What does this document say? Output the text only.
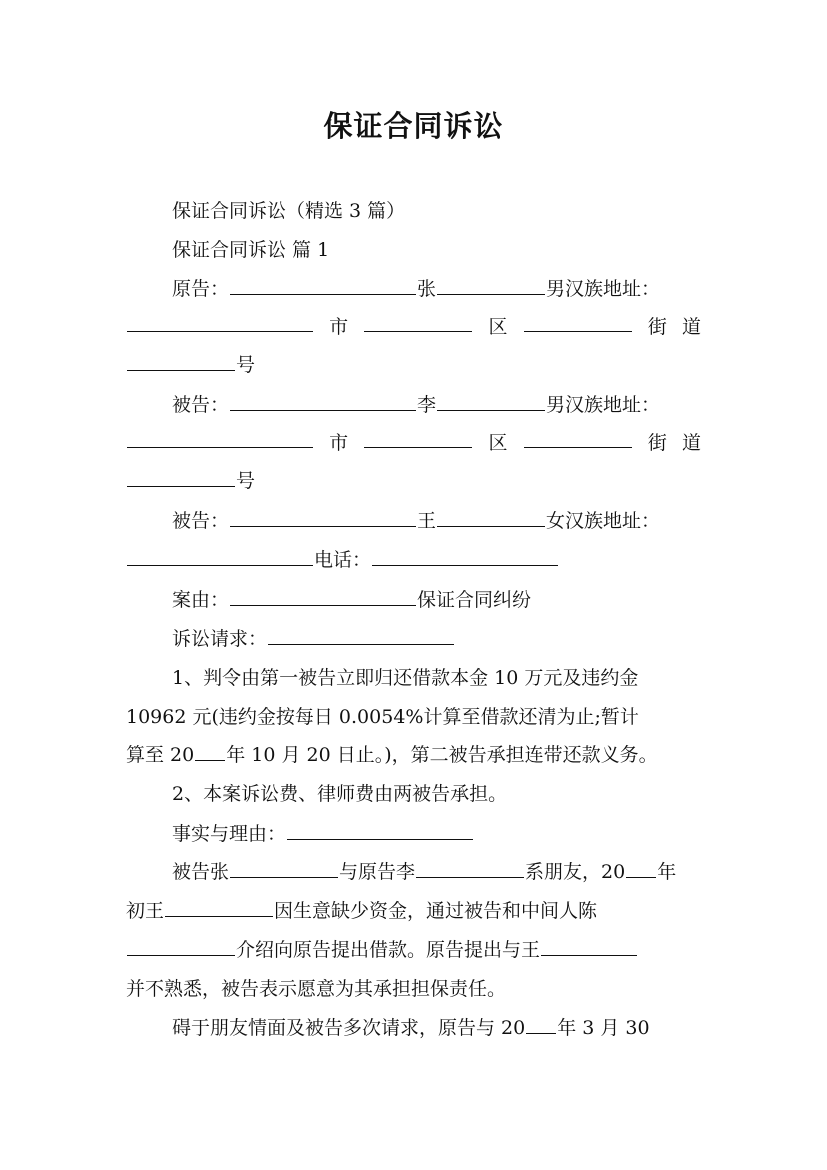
保证合同诉讼
保证合同诉讼（精选 3 篇）
保证合同诉讼 篇 1
原告：	张	男汉族地址：
市	区	街 道
号
被告：	李	男汉族地址：
市	区	街 道
号
被告：	王	女汉族地址：
电话：
案由：	保证合同纠纷
诉讼请求：
1、判令由第一被告立即归还借款本金 10 万元及违约金
10962 元(违约金按每日 0.0054%计算至借款还清为止;暂计
算至 20 年 10 月 20 日止。)，第二被告承担连带还款义务。
2、本案诉讼费、律师费由两被告承担。
事实与理由：
被告张	与原告李	系朋友，20 年
初王	因生意缺少资金，通过被告和中间人陈
介绍向原告提出借款。原告提出与王
并不熟悉，被告表示愿意为其承担担保责任。
碍于朋友情面及被告多次请求，原告与 20 年 3 月 30
